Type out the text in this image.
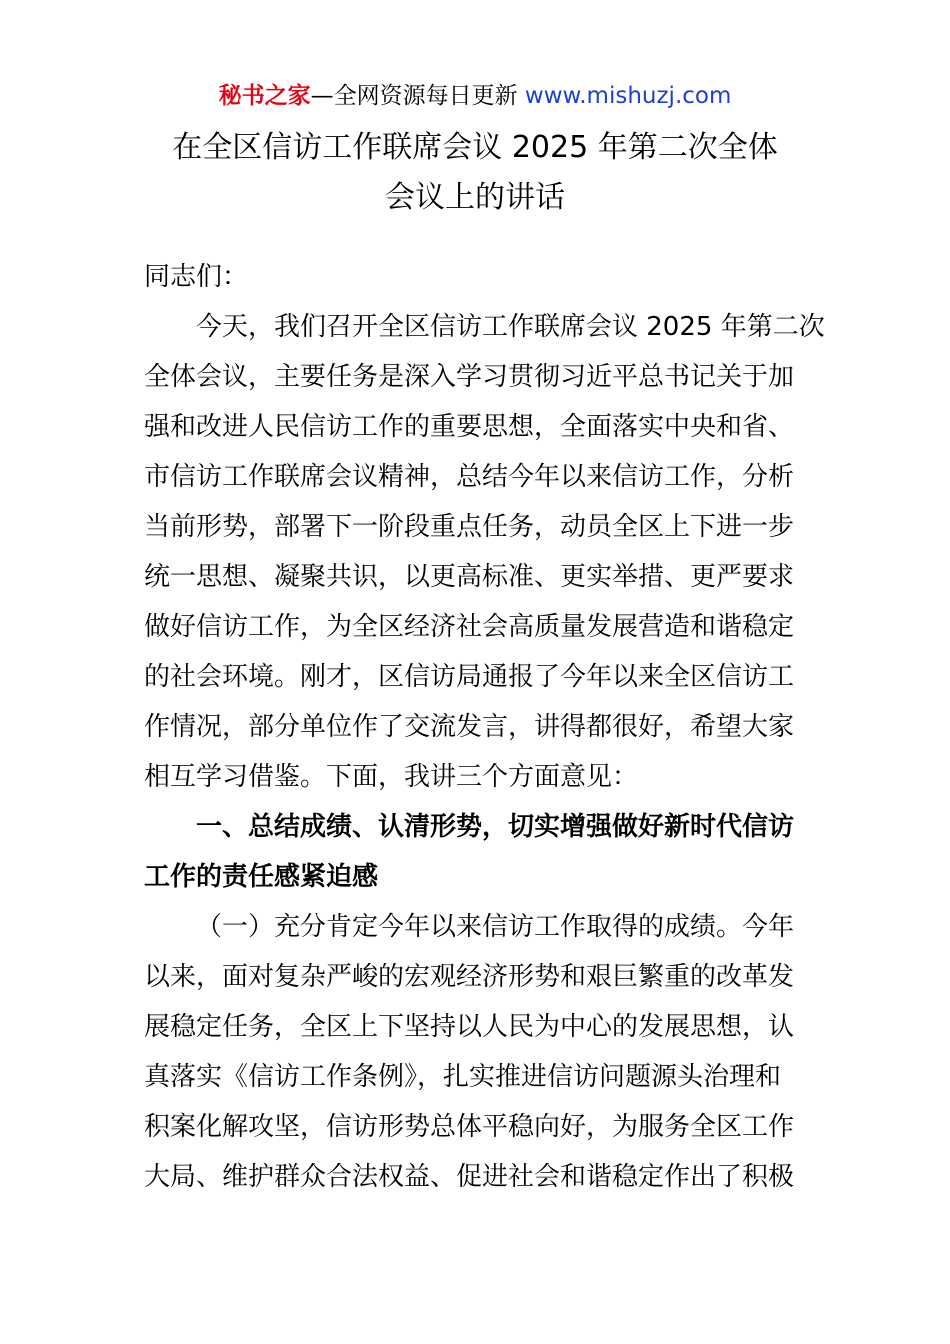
秘书之家—全网资源每日更新 www.mishuzj.com
在全区信访工作联席会议 2025 年第二次全体
会议上的讲话
同志们：
今天，我们召开全区信访工作联席会议 2025 年第二次
全体会议，主要任务是深入学习贯彻习近平总书记关于加
强和改进人民信访工作的重要思想，全面落实中央和省、
市信访工作联席会议精神，总结今年以来信访工作，分析
当前形势，部署下一阶段重点任务，动员全区上下进一步
统一思想、凝聚共识，以更高标准、更实举措、更严要求
做好信访工作，为全区经济社会高质量发展营造和谐稳定
的社会环境。刚才，区信访局通报了今年以来全区信访工
作情况，部分单位作了交流发言，讲得都很好，希望大家
相互学习借鉴。下面，我讲三个方面意见：
一、总结成绩、认清形势，切实增强做好新时代信访
工作的责任感紧迫感
（一）充分肯定今年以来信访工作取得的成绩。今年
以来，面对复杂严峻的宏观经济形势和艰巨繁重的改革发
展稳定任务，全区上下坚持以人民为中心的发展思想，认
真落实《信访工作条例》，扎实推进信访问题源头治理和
积案化解攻坚，信访形势总体平稳向好，为服务全区工作
大局、维护群众合法权益、促进社会和谐稳定作出了积极
